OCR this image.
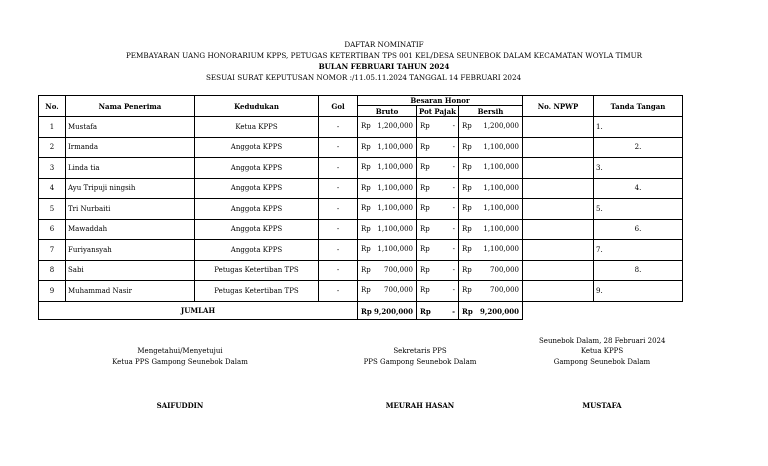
DAFTAR NOMINATIF
PEMBAYARAN UANG HONORARIUM KPPS, PETUGAS KETERTIBAN TPS 001 KEL/DESA SEUNEBOK DALAM KECAMATAN WOYLA TIMUR
BULAN FEBRUARI TAHUN 2024
SESUAI SURAT KEPUTUSAN NOMOR : /11.05.11.2024 TANGGAL 14 FEBRUARI 2024
No.	Nama Penerima	Kedudukan	Gol	Besaran Honor			No. NPWP	Tanda Tangan
				Bruto	Pot Pajak	Bersih		
1	Mustafa	Ketua KPPS	-	Rp 1,200,000	Rp -	Rp 1,200,000		1.
2	Irmanda	Anggota KPPS	-	Rp 1,100,000	Rp -	Rp 1,100,000		2.
3	Linda tia	Anggota KPPS	-	Rp 1,100,000	Rp -	Rp 1,100,000		3.
4	Ayu Tripuji ningsih	Anggota KPPS	-	Rp 1,100,000	Rp -	Rp 1,100,000		4.
5	Tri Nurbaiti	Anggota KPPS	-	Rp 1,100,000	Rp -	Rp 1,100,000		5.
6	Mawaddah	Anggota KPPS	-	Rp 1,100,000	Rp -	Rp 1,100,000		6.
7	Furiyansyah	Anggota KPPS	-	Rp 1,100,000	Rp -	Rp 1,100,000		7.
8	Sabi	Petugas Ketertiban TPS	-	Rp 700,000	Rp -	Rp 700,000		8.
9	Muhammad Nasir	Petugas Ketertiban TPS	-	Rp 700,000	Rp -	Rp 700,000		9.
JUMLAH				Rp 9,200,000	Rp -	Rp 9,200,000		

Seunebok Dalam, 28 Februari 2024
Mengetahui/Menyetujui
Ketua PPS Gampong Seunebok Dalam
Sekretaris PPS
PPS Gampong Seunebok Dalam
Ketua KPPS
Gampong Seunebok Dalam
SAIFUDDIN	MEURAH HASAN	MUSTAFA
